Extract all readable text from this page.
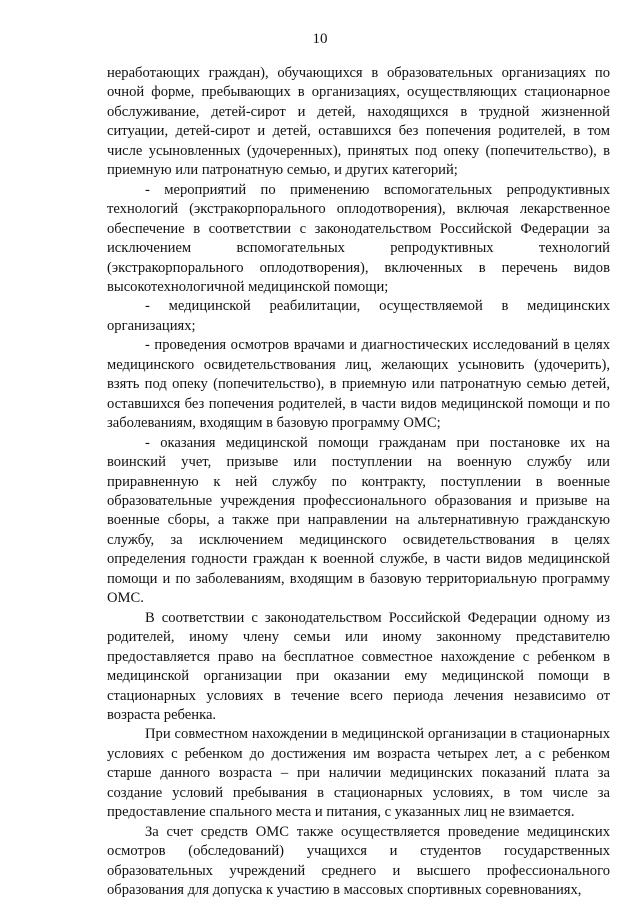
10

неработающих граждан), обучающихся в образовательных организациях по очной форме, пребывающих в организациях, осуществляющих стационарное обслуживание, детей-сирот и детей, находящихся в трудной жизненной ситуации, детей-сирот и детей, оставшихся без попечения родителей, в том числе усыновленных (удочеренных), принятых под опеку (попечительство), в приемную или патронатную семью, и других категорий;

- мероприятий по применению вспомогательных репродуктивных технологий (экстракорпорального оплодотворения), включая лекарственное обеспечение в соответствии с законодательством Российской Федерации за исключением вспомогательных репродуктивных технологий (экстракорпорального оплодотворения), включенных в перечень видов высокотехнологичной медицинской помощи;

- медицинской реабилитации, осуществляемой в медицинских организациях;

- проведения осмотров врачами и диагностических исследований в целях медицинского освидетельствования лиц, желающих усыновить (удочерить), взять под опеку (попечительство), в приемную или патронатную семью детей, оставшихся без попечения родителей, в части видов медицинской помощи и по заболеваниям, входящим в базовую программу ОМС;

- оказания медицинской помощи гражданам при постановке их на воинский учет, призыве или поступлении на военную службу или приравненную к ней службу по контракту, поступлении в военные образовательные учреждения профессионального образования и призыве на военные сборы, а также при направлении на альтернативную гражданскую службу, за исключением медицинского освидетельствования в целях определения годности граждан к военной службе, в части видов медицинской помощи и по заболеваниям, входящим в базовую территориальную программу ОМС.

В соответствии с законодательством Российской Федерации одному из родителей, иному члену семьи или иному законному представителю предоставляется право на бесплатное совместное нахождение с ребенком в медицинской организации при оказании ему медицинской помощи в стационарных условиях в течение всего периода лечения независимо от возраста ребенка.

При совместном нахождении в медицинской организации в стационарных условиях с ребенком до достижения им возраста четырех лет, а с ребенком старше данного возраста – при наличии медицинских показаний плата за создание условий пребывания в стационарных условиях, в том числе за предоставление спального места и питания, с указанных лиц не взимается.

За счет средств ОМС также осуществляется проведение медицинских осмотров (обследований) учащихся и студентов государственных образовательных учреждений среднего и высшего профессионального образования для допуска к участию в массовых спортивных соревнованиях,
